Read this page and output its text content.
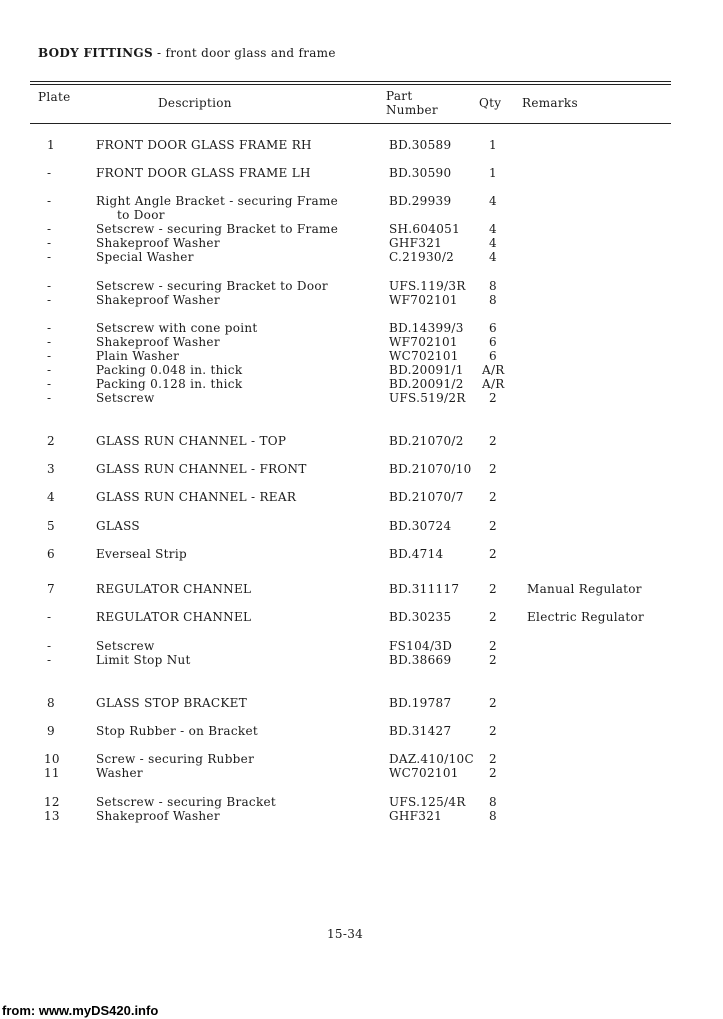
BODY FITTINGS - front door glass and frame
Plate	Description	Part
Number	Qty Remarks
1	FRONT DOOR GLASS FRAME RH	BD.30589	1
-	FRONT DOOR GLASS FRAME LH	BD.30590	1
-	Right Angle Bracket - securing Frame	BD.29939	4
to Door
-	Setscrew - securing Bracket to Frame	SH.604051 4
-	Shakeproof Washer	GHF321	4
-	Special Washer	C.21930/2	4
-	Setscrew - securing Bracket to Door	UFS.119/3R 8
-	Shakeproof Washer	WF702101	8
-	Setscrew with cone point	BD.14399/3 6
-	Shakeproof Washer	WF702101	6
-	Plain Washer	WC702101	6
-	Packing 0.048 in. thick	BD.20091/1 A/R
-	Packing 0.128 in. thick	BD.20091/2 A/R
-	Setscrew	UFS.519/2R 2
2	GLASS RUN CHANNEL - TOP	BD.21070/2 2
3	GLASS RUN CHANNEL - FRONT	BD.21070/10 2
4	GLASS RUN CHANNEL - REAR	BD.21070/7 2
5	GLASS	BD.30724	2
6	Everseal Strip	BD.4714	2
7	REGULATOR CHANNEL	BD.311117 2	Manual Regulator
-	REGULATOR CHANNEL	BD.30235	2	Electric Regulator
-	Setscrew	FS104/3D	2
-	Limit Stop Nut	BD.38669	2
8	GLASS STOP BRACKET	BD.19787	2
9	Stop Rubber - on Bracket	BD.31427	2
10	Screw - securing Rubber	DAZ.410/10C 2
11	Washer	WC702101	2
12	Setscrew - securing Bracket	UFS.125/4R 8
13	Shakeproof Washer	GHF321	8
15-34
from: www.myDS420.info
